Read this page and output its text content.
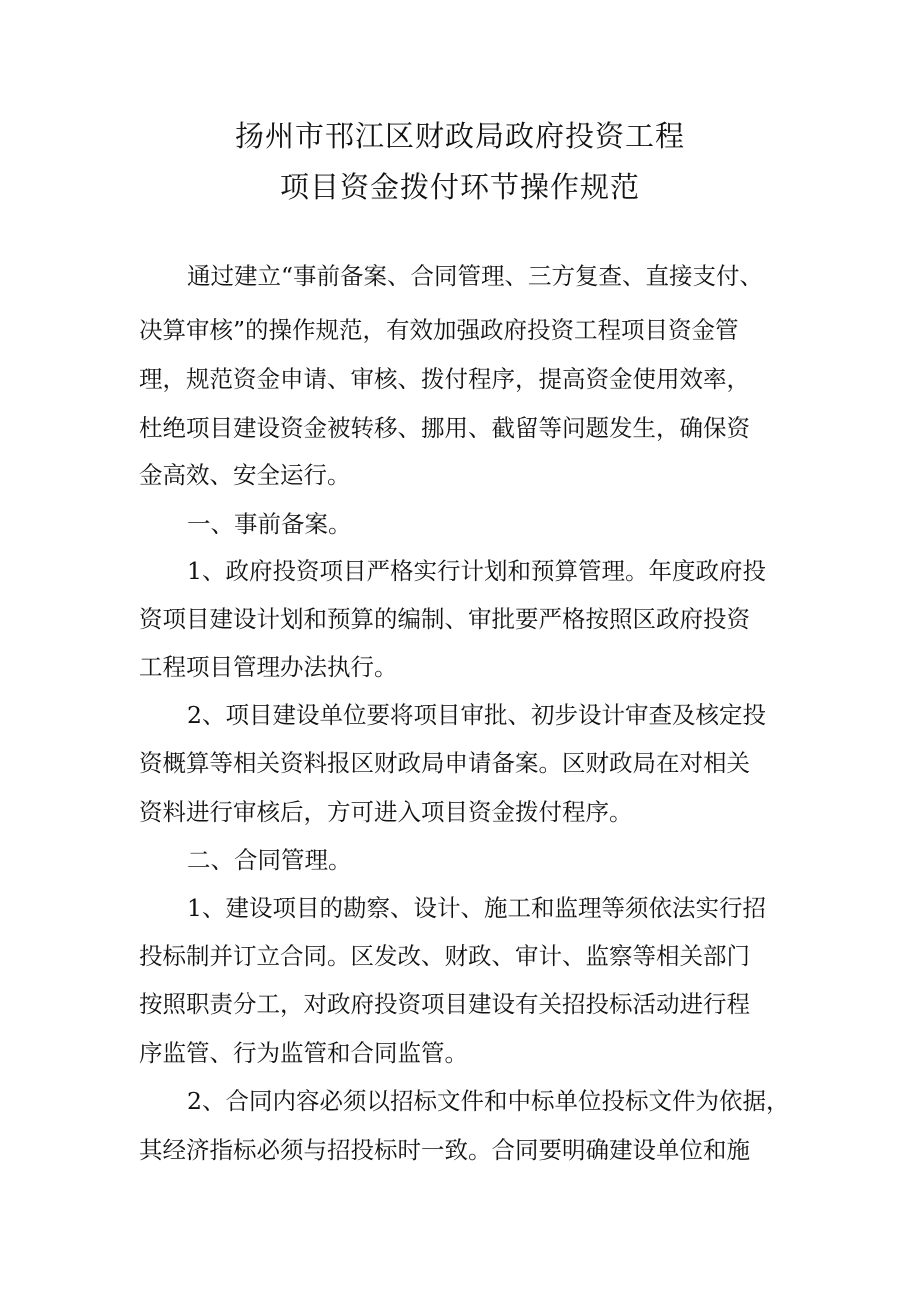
扬州市邗江区财政局政府投资工程
项目资金拨付环节操作规范
通过建立“事前备案、合同管理、三方复查、直接支付、
决算审核”的操作规范，有效加强政府投资工程项目资金管
理，规范资金申请、审核、拨付程序，提高资金使用效率，
杜绝项目建设资金被转移、挪用、截留等问题发生，确保资
金高效、安全运行。
一、事前备案。
1、政府投资项目严格实行计划和预算管理。年度政府投
资项目建设计划和预算的编制、审批要严格按照区政府投资
工程项目管理办法执行。
2、项目建设单位要将项目审批、初步设计审查及核定投
资概算等相关资料报区财政局申请备案。区财政局在对相关
资料进行审核后，方可进入项目资金拨付程序。
二、合同管理。
1、建设项目的勘察、设计、施工和监理等须依法实行招
投标制并订立合同。区发改、财政、审计、监察等相关部门
按照职责分工，对政府投资项目建设有关招投标活动进行程
序监管、行为监管和合同监管。
2、合同内容必须以招标文件和中标单位投标文件为依据，
其经济指标必须与招投标时一致。合同要明确建设单位和施
